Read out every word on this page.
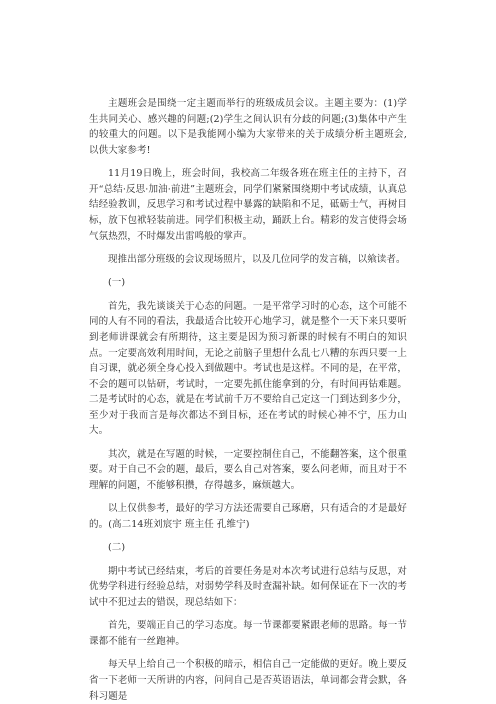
主题班会是围绕一定主题而举行的班级成员会议。主题主要为：(1)学生共同关心、感兴趣的问题;(2)学生之间认识有分歧的问题;(3)集体中产生的较重大的问题。以下是我能网小编为大家带来的关于成绩分析主题班会,以供大家参考!

11月19日晚上，班会时间，我校高二年级各班在班主任的主持下，召开“总结·反思·加油·前进”主题班会，同学们紧紧围绕期中考试成绩，认真总结经验教训，反思学习和考试过程中暴露的缺陷和不足，砥砺士气，再树目标，放下包袱轻装前进。同学们积极主动，踊跃上台。精彩的发言使得会场气氛热烈，不时爆发出雷鸣般的掌声。

现推出部分班级的会议现场照片，以及几位同学的发言稿，以飨读者。

(一)

首先，我先谈谈关于心态的问题。一是平常学习时的心态，这个可能不同的人有不同的看法，我最适合比较开心地学习，就是整个一天下来只要听到老师讲课就会有所期待，这主要是因为预习新课的时候有不明白的知识点。一定要高效利用时间，无论之前脑子里想什么乱七八糟的东西只要一上自习课，就必须全身心投入到做题中。考试也是这样。不同的是，在平常，不会的题可以钻研，考试时，一定要先抓住能拿到的分，有时间再钻难题。二是考试时的心态，就是在考试前千万不要给自己定这一门到达到多少分，至少对于我而言是每次都达不到目标，还在考试的时候心神不宁，压力山大。

其次，就是在写题的时候，一定要控制住自己，不能翻答案，这个很重要。对于自己不会的题，最后，要么自己对答案，要么问老师，而且对于不理解的问题，不能够积攒，存得越多，麻烦越大。

以上仅供参考，最好的学习方法还需要自己琢磨，只有适合的才是最好的。(高二14班刘宸宇 班主任 孔维宁)

(二)

期中考试已经结束，考后的首要任务是对本次考试进行总结与反思，对优势学科进行经验总结，对弱势学科及时查漏补缺。如何保证在下一次的考试中不犯过去的错误，现总结如下：

首先，要端正自己的学习态度。每一节课都要紧跟老师的思路。每一节课都不能有一丝跑神。

每天早上给自己一个积极的暗示，相信自己一定能做的更好。晚上要反省一下老师一天所讲的内容，问问自己是否英语语法，单词都会背会默，各科习题是
